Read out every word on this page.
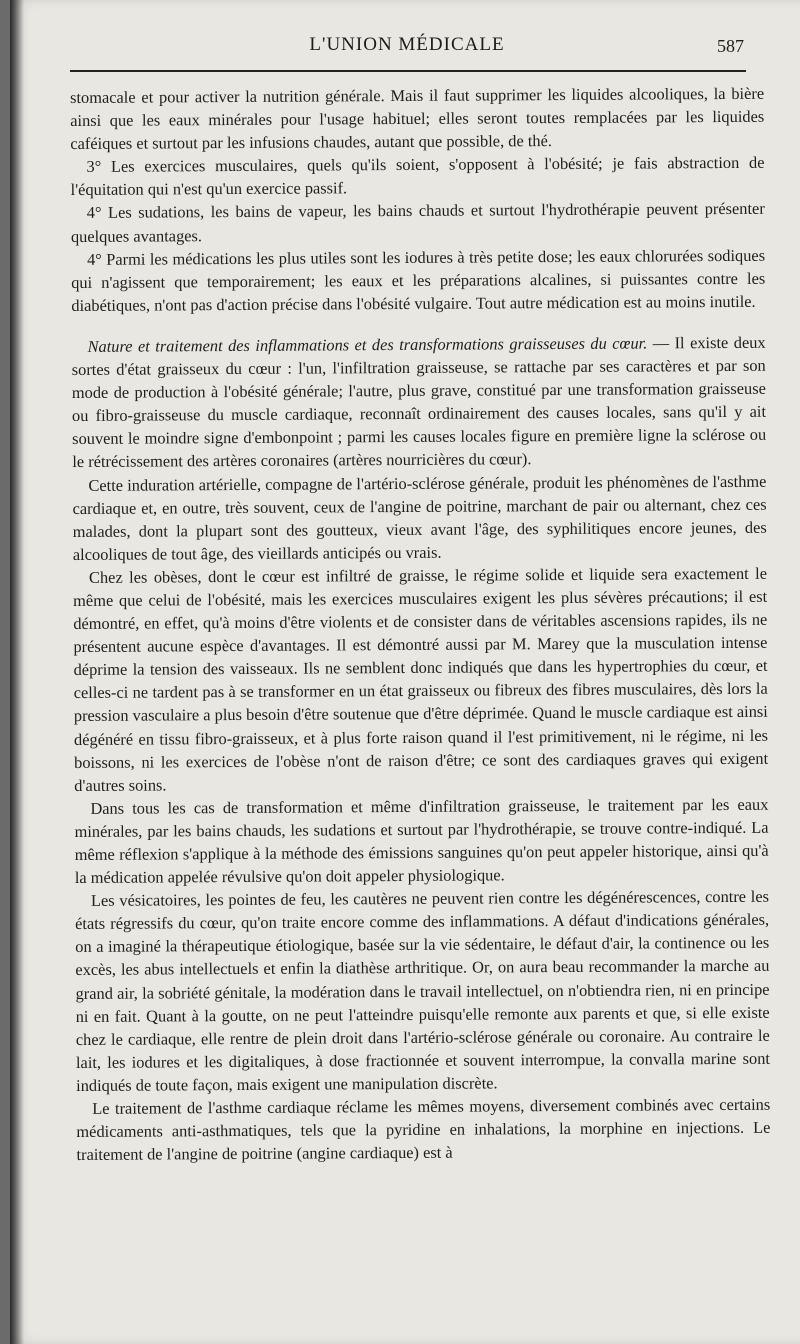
L'UNION MÉDICALE	587

stomacale et pour activer la nutrition générale. Mais il faut supprimer les liquides alcooliques, la bière ainsi que les eaux minérales pour l'usage habituel; elles seront toutes remplacées par les liquides caféiques et surtout par les infusions chaudes, autant que possible, de thé.

3° Les exercices musculaires, quels qu'ils soient, s'opposent à l'obésité; je fais abstraction de l'équitation qui n'est qu'un exercice passif.

4° Les sudations, les bains de vapeur, les bains chauds et surtout l'hydrothérapie peuvent présenter quelques avantages.

4° Parmi les médications les plus utiles sont les iodures à très petite dose; les eaux chlorurées sodiques qui n'agissent que temporairement; les eaux et les préparations alcalines, si puissantes contre les diabétiques, n'ont pas d'action précise dans l'obésité vulgaire. Tout autre médication est au moins inutile.

Nature et traitement des inflammations et des transformations graisseuses du cœur. — Il existe deux sortes d'état graisseux du cœur : l'un, l'infiltration graisseuse, se rattache par ses caractères et par son mode de production à l'obésité générale; l'autre, plus grave, constitué par une transformation graisseuse ou fibro-graisseuse du muscle cardiaque, reconnaît ordinairement des causes locales, sans qu'il y ait souvent le moindre signe d'embonpoint ; parmi les causes locales figure en première ligne la sclérose ou le rétrécissement des artères coronaires (artères nourricières du cœur).

Cette induration artérielle, compagne de l'artério-sclérose générale, produit les phénomènes de l'asthme cardiaque et, en outre, très souvent, ceux de l'angine de poitrine, marchant de pair ou alternant, chez ces malades, dont la plupart sont des goutteux, vieux avant l'âge, des syphilitiques encore jeunes, des alcooliques de tout âge, des vieillards anticipés ou vrais.

Chez les obèses, dont le cœur est infiltré de graisse, le régime solide et liquide sera exactement le même que celui de l'obésité, mais les exercices musculaires exigent les plus sévères précautions; il est démontré, en effet, qu'à moins d'être violents et de consister dans de véritables ascensions rapides, ils ne présentent aucune espèce d'avantages. Il est démontré aussi par M. Marey que la musculation intense déprime la tension des vaisseaux. Ils ne semblent donc indiqués que dans les hypertrophies du cœur, et celles-ci ne tardent pas à se transformer en un état graisseux ou fibreux des fibres musculaires, dès lors la pression vasculaire a plus besoin d'être soutenue que d'être déprimée. Quand le muscle cardiaque est ainsi dégénéré en tissu fibro-graisseux, et à plus forte raison quand il l'est primitivement, ni le régime, ni les boissons, ni les exercices de l'obèse n'ont de raison d'être; ce sont des cardiaques graves qui exigent d'autres soins.

Dans tous les cas de transformation et même d'infiltration graisseuse, le traitement par les eaux minérales, par les bains chauds, les sudations et surtout par l'hydrothérapie, se trouve contre-indiqué. La même réflexion s'applique à la méthode des émissions sanguines qu'on peut appeler historique, ainsi qu'à la médication appelée révulsive qu'on doit appeler physiologique.

Les vésicatoires, les pointes de feu, les cautères ne peuvent rien contre les dégénérescences, contre les états régressifs du cœur, qu'on traite encore comme des inflammations. A défaut d'indications générales, on a imaginé la thérapeutique étiologique, basée sur la vie sédentaire, le défaut d'air, la continence ou les excès, les abus intellectuels et enfin la diathèse arthritique. Or, on aura beau recommander la marche au grand air, la sobriété génitale, la modération dans le travail intellectuel, on n'obtiendra rien, ni en principe ni en fait. Quant à la goutte, on ne peut l'atteindre puisqu'elle remonte aux parents et que, si elle existe chez le cardiaque, elle rentre de plein droit dans l'artério-sclérose générale ou coronaire. Au contraire le lait, les iodures et les digitaliques, à dose fractionnée et souvent interrompue, la convalla marine sont indiqués de toute façon, mais exigent une manipulation discrète.

Le traitement de l'asthme cardiaque réclame les mêmes moyens, diversement combinés avec certains médicaments anti-asthmatiques, tels que la pyridine en inhalations, la morphine en injections. Le traitement de l'angine de poitrine (angine cardiaque) est à
